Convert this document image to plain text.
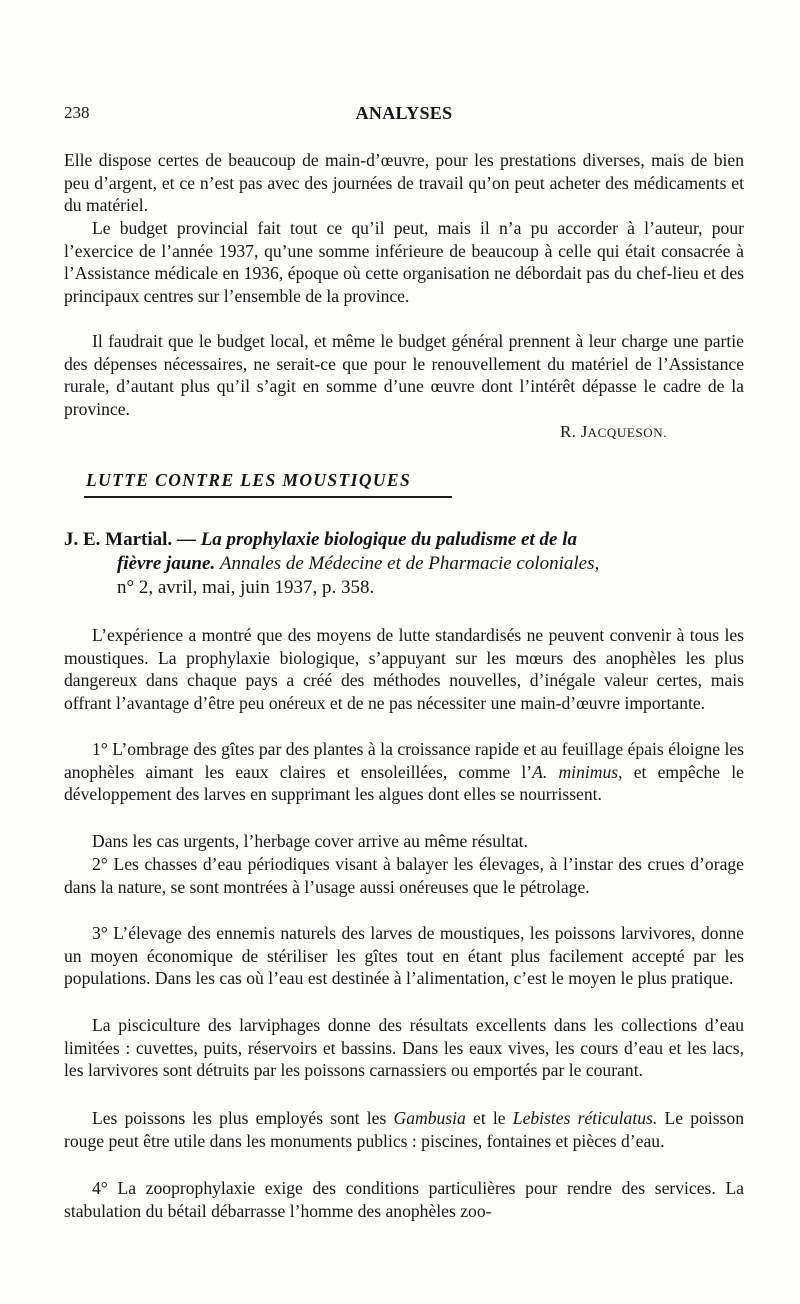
238	ANALYSES

Elle dispose certes de beaucoup de main-d’œuvre, pour les prestations diverses, mais de bien peu d’argent, et ce n’est pas avec des journées de travail qu’on peut acheter des médicaments et du matériel.

Le budget provincial fait tout ce qu’il peut, mais il n’a pu accorder à l’auteur, pour l’exercice de l’année 1937, qu’une somme inférieure de beaucoup à celle qui était consacrée à l’Assistance médicale en 1936, époque où cette organisation ne débordait pas du chef-lieu et des principaux centres sur l’ensemble de la province.

Il faudrait que le budget local, et même le budget général prennent à leur charge une partie des dépenses nécessaires, ne serait-ce que pour le renouvellement du matériel de l’Assistance rurale, d’autant plus qu’il s’agit en somme d’une œuvre dont l’intérêt dépasse le cadre de la province.

R. JACQUESON.
LUTTE CONTRE LES MOUSTIQUES
J. E. Martial. — La prophylaxie biologique du paludisme et de la
fièvre jaune. Annales de Médecine et de Pharmacie coloniales,
n° 2, avril, mai, juin 1937, p. 358.

L’expérience a montré que des moyens de lutte standardisés ne peuvent convenir à tous les moustiques. La prophylaxie biologique, s’appuyant sur les mœurs des anophèles les plus dangereux dans chaque pays a créé des méthodes nouvelles, d’inégale valeur certes, mais offrant l’avantage d’être peu onéreux et de ne pas nécessiter une main-d’œuvre importante.

1° L’ombrage des gîtes par des plantes à la croissance rapide et au feuillage épais éloigne les anophèles aimant les eaux claires et ensoleillées, comme l’A. minimus, et empêche le développement des larves en supprimant les algues dont elles se nourrissent.

Dans les cas urgents, l’herbage cover arrive au même résultat.

2° Les chasses d’eau périodiques visant à balayer les élevages, à l’instar des crues d’orage dans la nature, se sont montrées à l’usage aussi onéreuses que le pétrolage.

3° L’élevage des ennemis naturels des larves de moustiques, les poissons larvivores, donne un moyen économique de stériliser les gîtes tout en étant plus facilement accepté par les populations. Dans les cas où l’eau est destinée à l’alimentation, c’est le moyen le plus pratique.

La pisciculture des larviphages donne des résultats excellents dans les collections d’eau limitées : cuvettes, puits, réservoirs et bassins. Dans les eaux vives, les cours d’eau et les lacs, les larvivores sont détruits par les poissons carnassiers ou emportés par le courant.

Les poissons les plus employés sont les Gambusia et le Lebistes réticulatus. Le poisson rouge peut être utile dans les monuments publics : piscines, fontaines et pièces d’eau.

4° La zooprophylaxie exige des conditions particulières pour rendre des services. La stabulation du bétail débarrasse l’homme des anophèles zoo-
